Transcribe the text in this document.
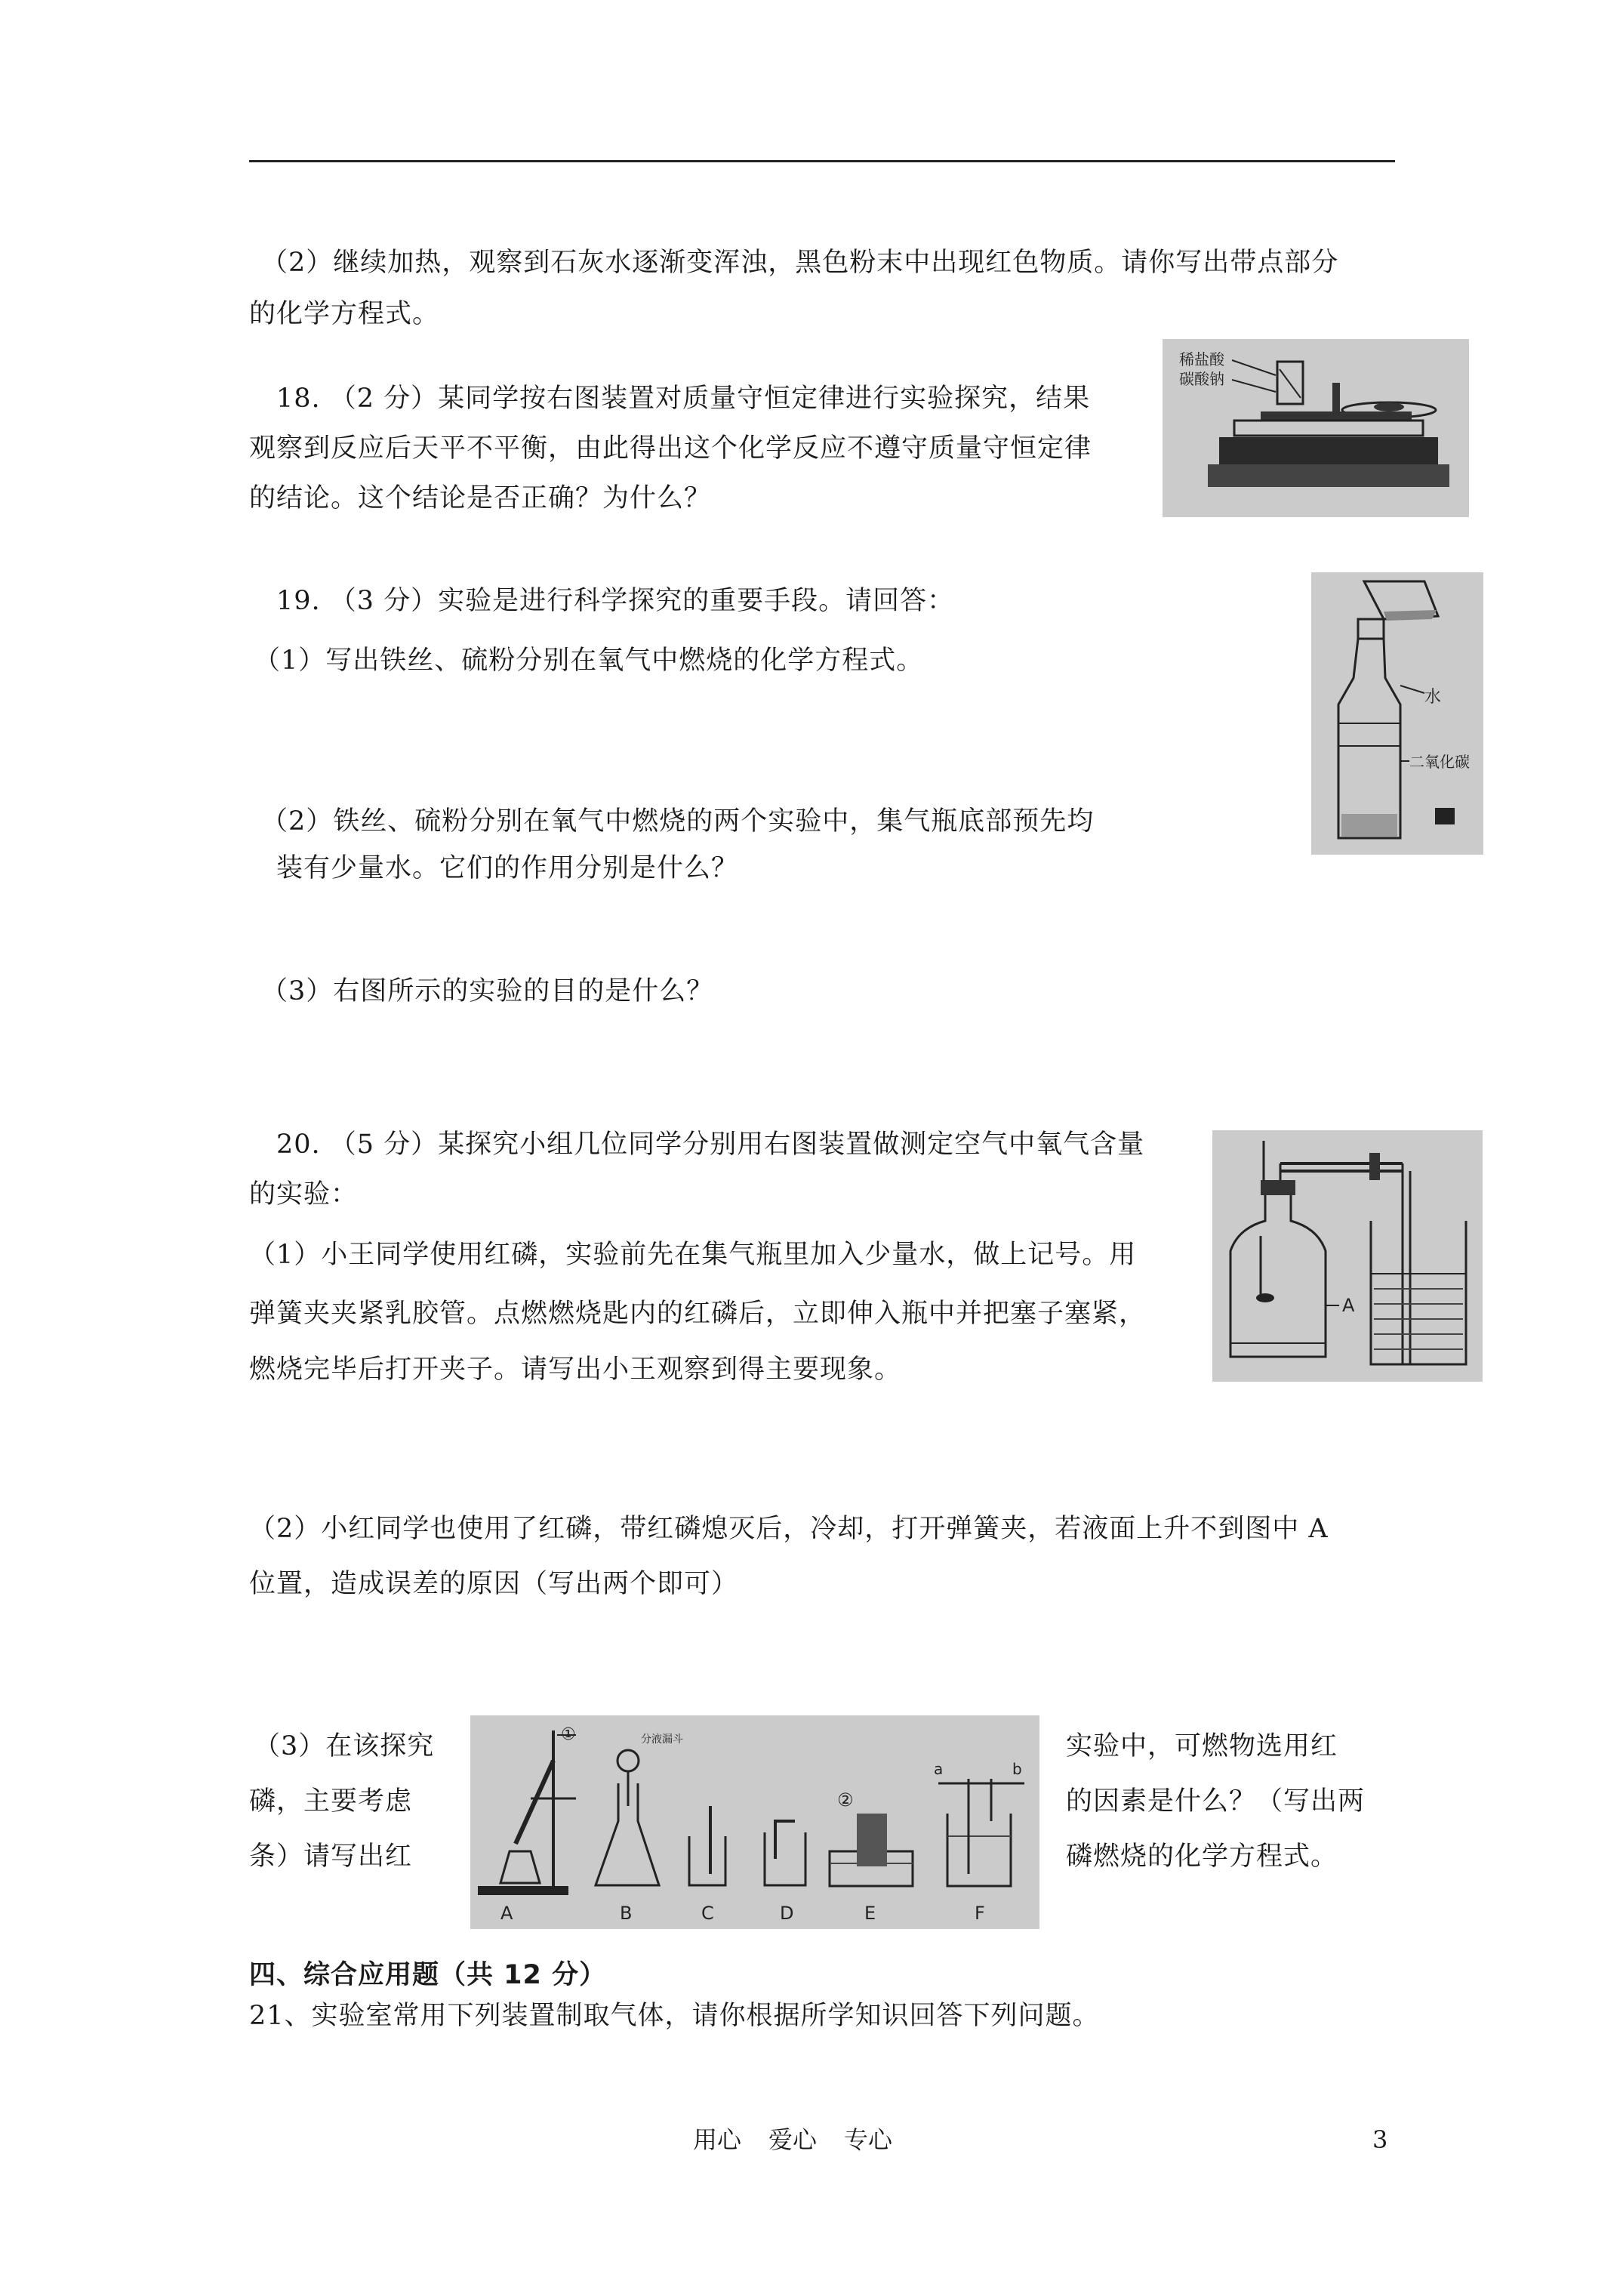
（2）继续加热，观察到石灰水逐渐变浑浊，黑色粉末中出现红色物质。请你写出带点部分
的化学方程式。
18. （2 分）某同学按右图装置对质量守恒定律进行实验探究，结果
观察到反应后天平不平衡，由此得出这个化学反应不遵守质量守恒定律
的结论。这个结论是否正确？为什么？
稀盐酸
碳酸钠
19. （3 分）实验是进行科学探究的重要手段。请回答：
（1）写出铁丝、硫粉分别在氧气中燃烧的化学方程式。
（2）铁丝、硫粉分别在氧气中燃烧的两个实验中，集气瓶底部预先均
装有少量水。它们的作用分别是什么？
（3）右图所示的实验的目的是什么？
水
二氧化碳
20. （5 分）某探究小组几位同学分别用右图装置做测定空气中氧气含量
的实验：
（1）小王同学使用红磷，实验前先在集气瓶里加入少量水，做上记号。用
弹簧夹夹紧乳胶管。点燃燃烧匙内的红磷后，立即伸入瓶中并把塞子塞紧，
燃烧完毕后打开夹子。请写出小王观察到得主要现象。
A
（2）小红同学也使用了红磷，带红磷熄灭后，冷却，打开弹簧夹，若液面上升不到图中 A
位置，造成误差的原因（写出两个即可）
（3）在该探究
磷，主要考虑
条）请写出红
实验中，可燃物选用红
的因素是什么？（写出两
磷燃烧的化学方程式。
①
A
分液漏斗
B	C	D
②
E
a	b
F
四、综合应用题（共 12 分）
21、实验室常用下列装置制取气体，请你根据所学知识回答下列问题。
用心 爱心 专心	3
